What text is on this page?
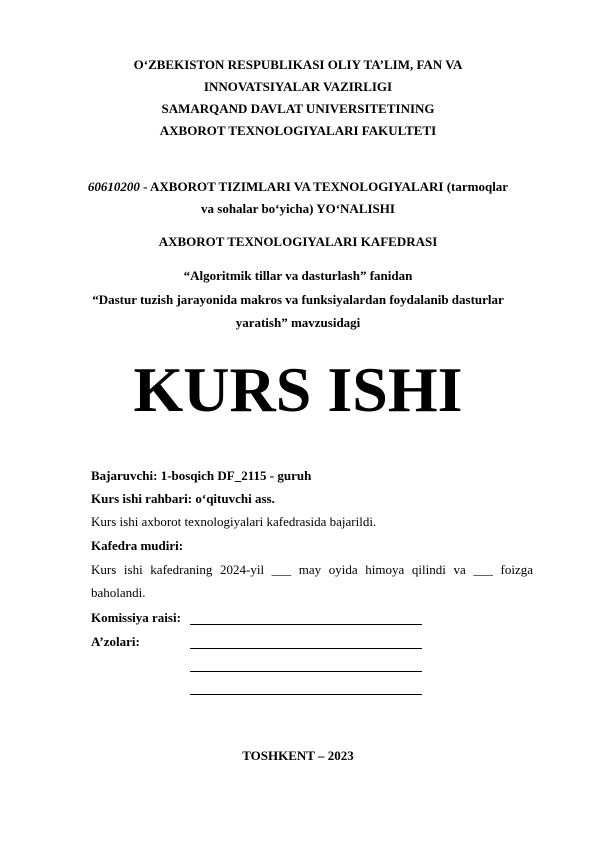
O‘ZBEKISTON RESPUBLIKASI OLIY TA’LIM, FAN VA
INNOVATSIYALAR VAZIRLIGI
SAMARQAND DAVLAT UNIVERSITETINING
AXBOROT TEXNOLOGIYALARI FAKULTETI
60610200 - AXBOROT TIZIMLARI VA TEXNOLOGIYALARI (tarmoqlar
va sohalar bo‘yicha) YO‘NALISHI
AXBOROT TEXNOLOGIYALARI KAFEDRASI
“Algoritmik tillar va dasturlash” fanidan
“Dastur tuzish jarayonida makros va funksiyalardan foydalanib dasturlar
yaratish” mavzusidagi
KURS ISHI
Bajaruvchi: 1-bosqich DF_2115 - guruh
Kurs ishi rahbari: o‘qituvchi ass.
Kurs ishi axborot texnologiyalari kafedrasida bajarildi.
Kafedra mudiri:
Kurs ishi kafedraning 2024-yil ___ may oyida himoya qilindi va ___ foizga
baholandi.
Komissiya raisi:
A’zolari:
TOSHKENT – 2023
